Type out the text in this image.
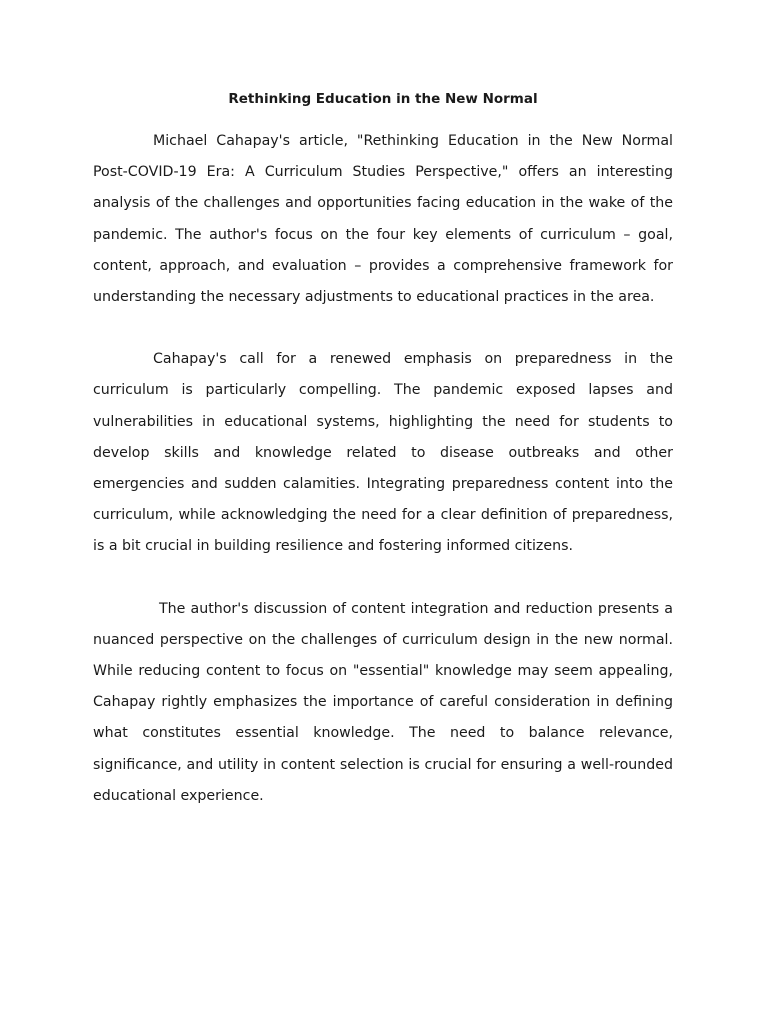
Rethinking Education in the New Normal

Michael Cahapay's article, "Rethinking Education in the New Normal Post-COVID-19 Era: A Curriculum Studies Perspective," offers an interesting analysis of the challenges and opportunities facing education in the wake of the pandemic. The author's focus on the four key elements of curriculum – goal, content, approach, and evaluation – provides a comprehensive framework for understanding the necessary adjustments to educational practices in the area.

Cahapay's call for a renewed emphasis on preparedness in the curriculum is particularly compelling. The pandemic exposed lapses and vulnerabilities in educational systems, highlighting the need for students to develop skills and knowledge related to disease outbreaks and other emergencies and sudden calamities. Integrating preparedness content into the curriculum, while acknowledging the need for a clear definition of preparedness, is a bit crucial in building resilience and fostering informed citizens.

The author's discussion of content integration and reduction presents a nuanced perspective on the challenges of curriculum design in the new normal. While reducing content to focus on "essential" knowledge may seem appealing, Cahapay rightly emphasizes the importance of careful consideration in defining what constitutes essential knowledge. The need to balance relevance, significance, and utility in content selection is crucial for ensuring a well-rounded educational experience.
